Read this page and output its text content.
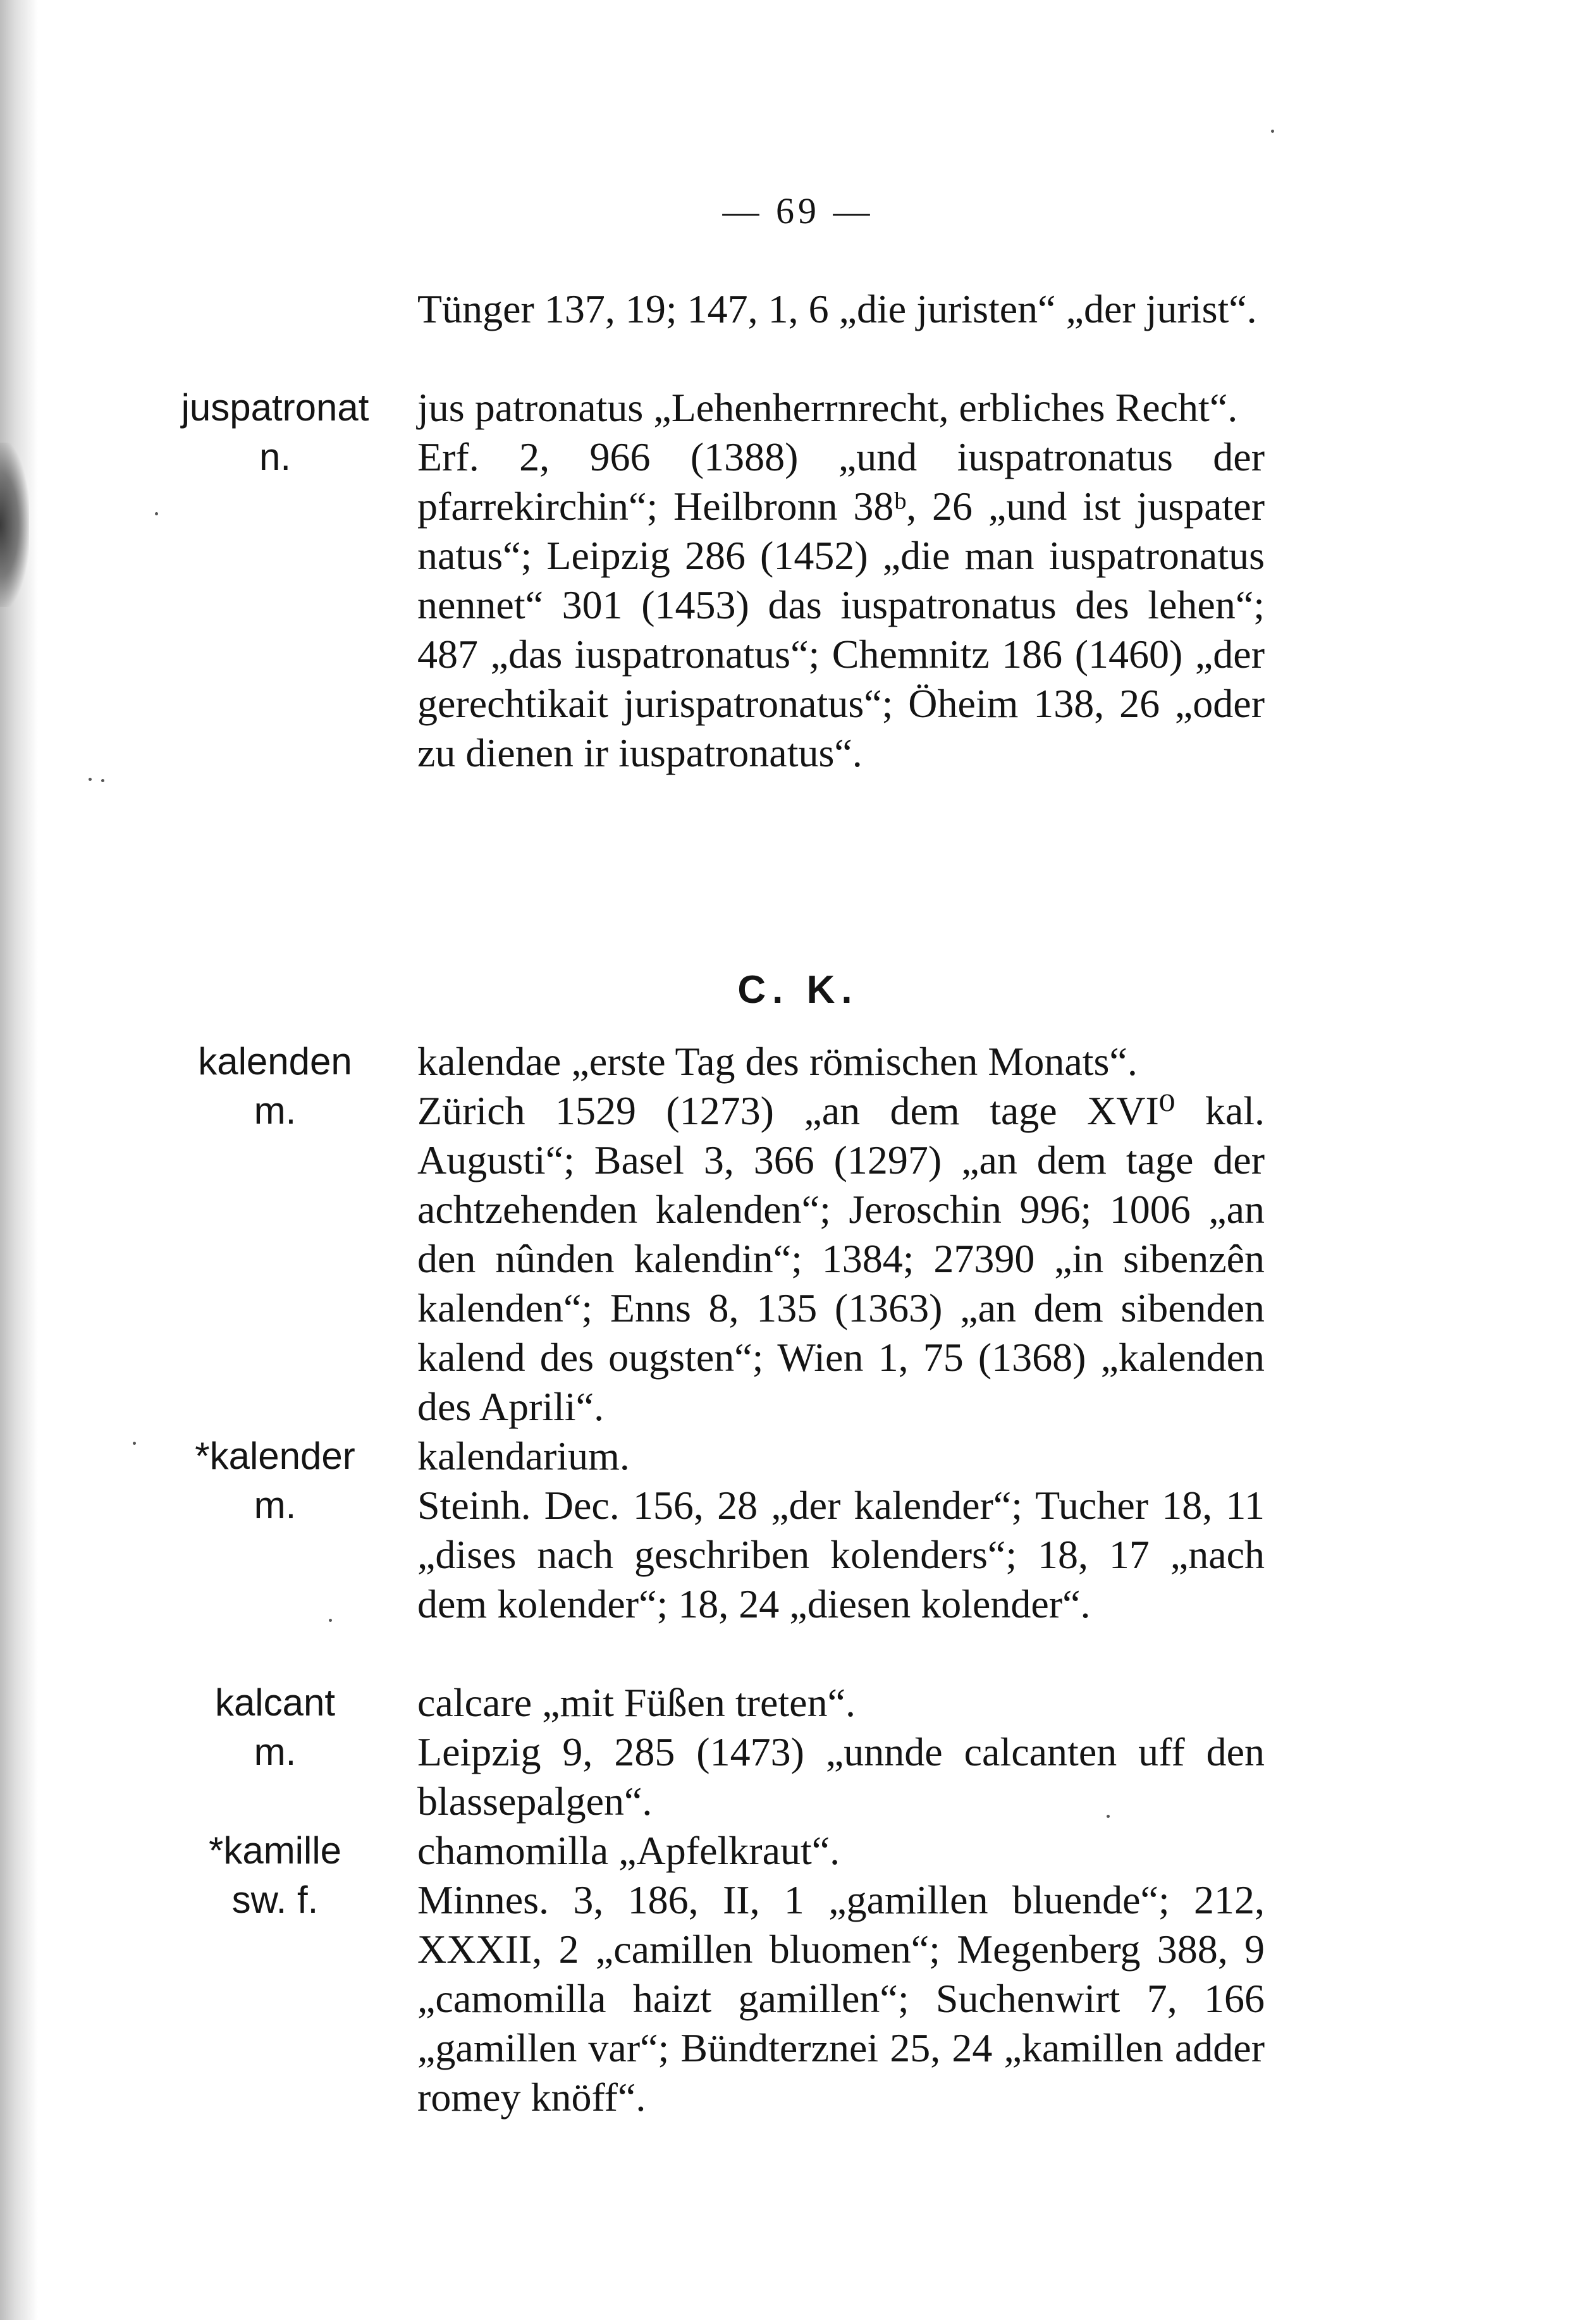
— 69 —

Tünger 137, 19; 147, 1, 6 „die juristen“ „der jurist“.

juspatronat
n.

jus patronatus „Lehenherrnrecht, erbliches Recht“.

Erf. 2, 966 (1388) „und iuspatronatus der pfarrekirchin“; Heilbronn 38ᵇ, 26 „und ist juspater natus“; Leipzig 286 (1452) „die man iuspatronatus nennet“ 301 (1453) das iuspatronatus des lehen“; 487 „das iuspatronatus“; Chemnitz 186 (1460) „der gerechtikait jurispatronatus“; Öheim 138, 26 „oder zu dienen ir iuspatronatus“.

C. K.
kalenden
m.

kalendae „erste Tag des römischen Monats“.

Zürich 1529 (1273) „an dem tage XVI⁰ kal. Augusti“; Basel 3, 366 (1297) „an dem tage der achtzehenden kalenden“; Jeroschin 996; 1006 „an den nûnden kalendin“; 1384; 27390 „in sibenzên kalenden“; Enns 8, 135 (1363) „an dem sibenden kalend des ougsten“; Wien 1, 75 (1368) „kalenden des Aprili“.

*kalender
m.

kalendarium.

Steinh. Dec. 156, 28 „der kalender“; Tucher 18, 11 „dises nach geschriben kolenders“; 18, 17 „nach dem kolender“; 18, 24 „diesen kolender“.

kalcant
m.

calcare „mit Füßen treten“.

Leipzig 9, 285 (1473) „unnde calcanten uff den blassepalgen“.

*kamille
sw. f.

chamomilla „Apfelkraut“.

Minnes. 3, 186, II, 1 „gamillen bluende“; 212, XXXII, 2 „camillen bluomen“; Megenberg 388, 9 „camomilla haizt gamillen“; Suchenwirt 7, 166 „gamillen var“; Bündterznei 25, 24 „kamillen adder romey knöff“.
